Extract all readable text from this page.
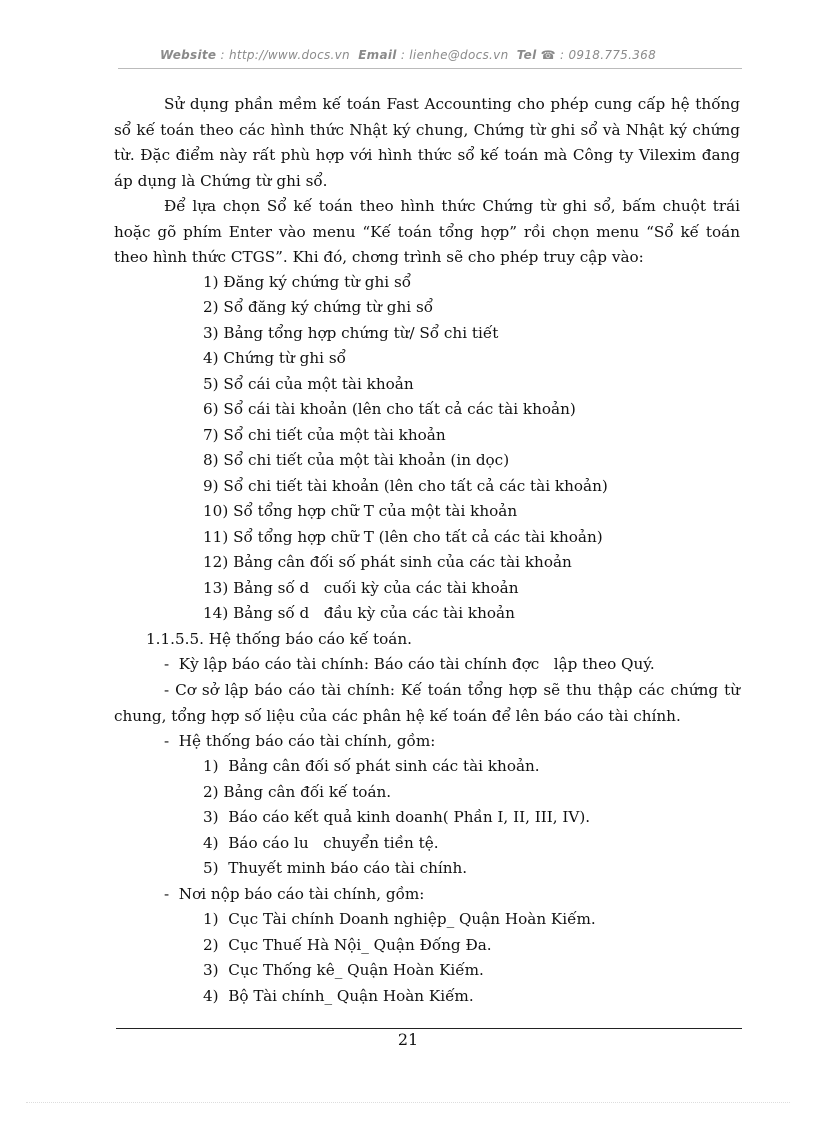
Website : http://www.docs.vn Email : lienhe@docs.vn Tel ☎ : 0918.775.368

Sử dụng phần mềm kế toán Fast Accounting cho phép cung cấp hệ thống sổ kế toán theo các hình thức Nhật ký chung, Chứng từ ghi sổ và Nhật ký chứng từ. Đặc điểm này rất phù hợp với hình thức sổ kế toán mà Công ty Vilexim đang áp dụng là Chứng từ ghi sổ.

Để lựa chọn Sổ kế toán theo hình thức Chứng từ ghi sổ, bấm chuột trái hoặc gõ phím Enter vào menu “Kế toán tổng hợp” rồi chọn menu “Sổ kế toán theo hình thức CTGS”. Khi đó, chơng trình sẽ cho phép truy cập vào:

1) Đăng ký chứng từ ghi sổ

2) Sổ đăng ký chứng từ ghi sổ

3) Bảng tổng hợp chứng từ/ Sổ chi tiết

4) Chứng từ ghi sổ

5) Sổ cái của một tài khoản

6) Sổ cái tài khoản (lên cho tất cả các tài khoản)

7) Sổ chi tiết của một tài khoản

8) Sổ chi tiết của một tài khoản (in dọc)

9) Sổ chi tiết tài khoản (lên cho tất cả các tài khoản)

10) Sổ tổng hợp chữ T của một tài khoản

11) Sổ tổng hợp chữ T (lên cho tất cả các tài khoản)

12) Bảng cân đối số phát sinh của các tài khoản

13) Bảng số d   cuối kỳ của các tài khoản

14) Bảng số d   đầu kỳ của các tài khoản

1.1.5.5. Hệ thống báo cáo kế toán.

-  Kỳ lập báo cáo tài chính: Báo cáo tài chính đợc   lập theo Quý.

- Cơ sở lập báo cáo tài chính: Kế toán tổng hợp sẽ thu thập các chứng từ chung, tổng hợp số liệu của các phân hệ kế toán để lên báo cáo tài chính.

-  Hệ thống báo cáo tài chính, gồm:

1)  Bảng cân đối số phát sinh các tài khoản.

2) Bảng cân đối kế toán.

3)  Báo cáo kết quả kinh doanh( Phần I, II, III, IV).

4)  Báo cáo lu   chuyển tiền tệ.

5)  Thuyết minh báo cáo tài chính.

-  Nơi nộp báo cáo tài chính, gồm:

1)  Cục Tài chính Doanh nghiệp_ Quận Hoàn Kiếm.

2)  Cục Thuế Hà Nội_ Quận Đống Đa.

3)  Cục Thống kê_ Quận Hoàn Kiếm.

4)  Bộ Tài chính_ Quận Hoàn Kiếm.

21
